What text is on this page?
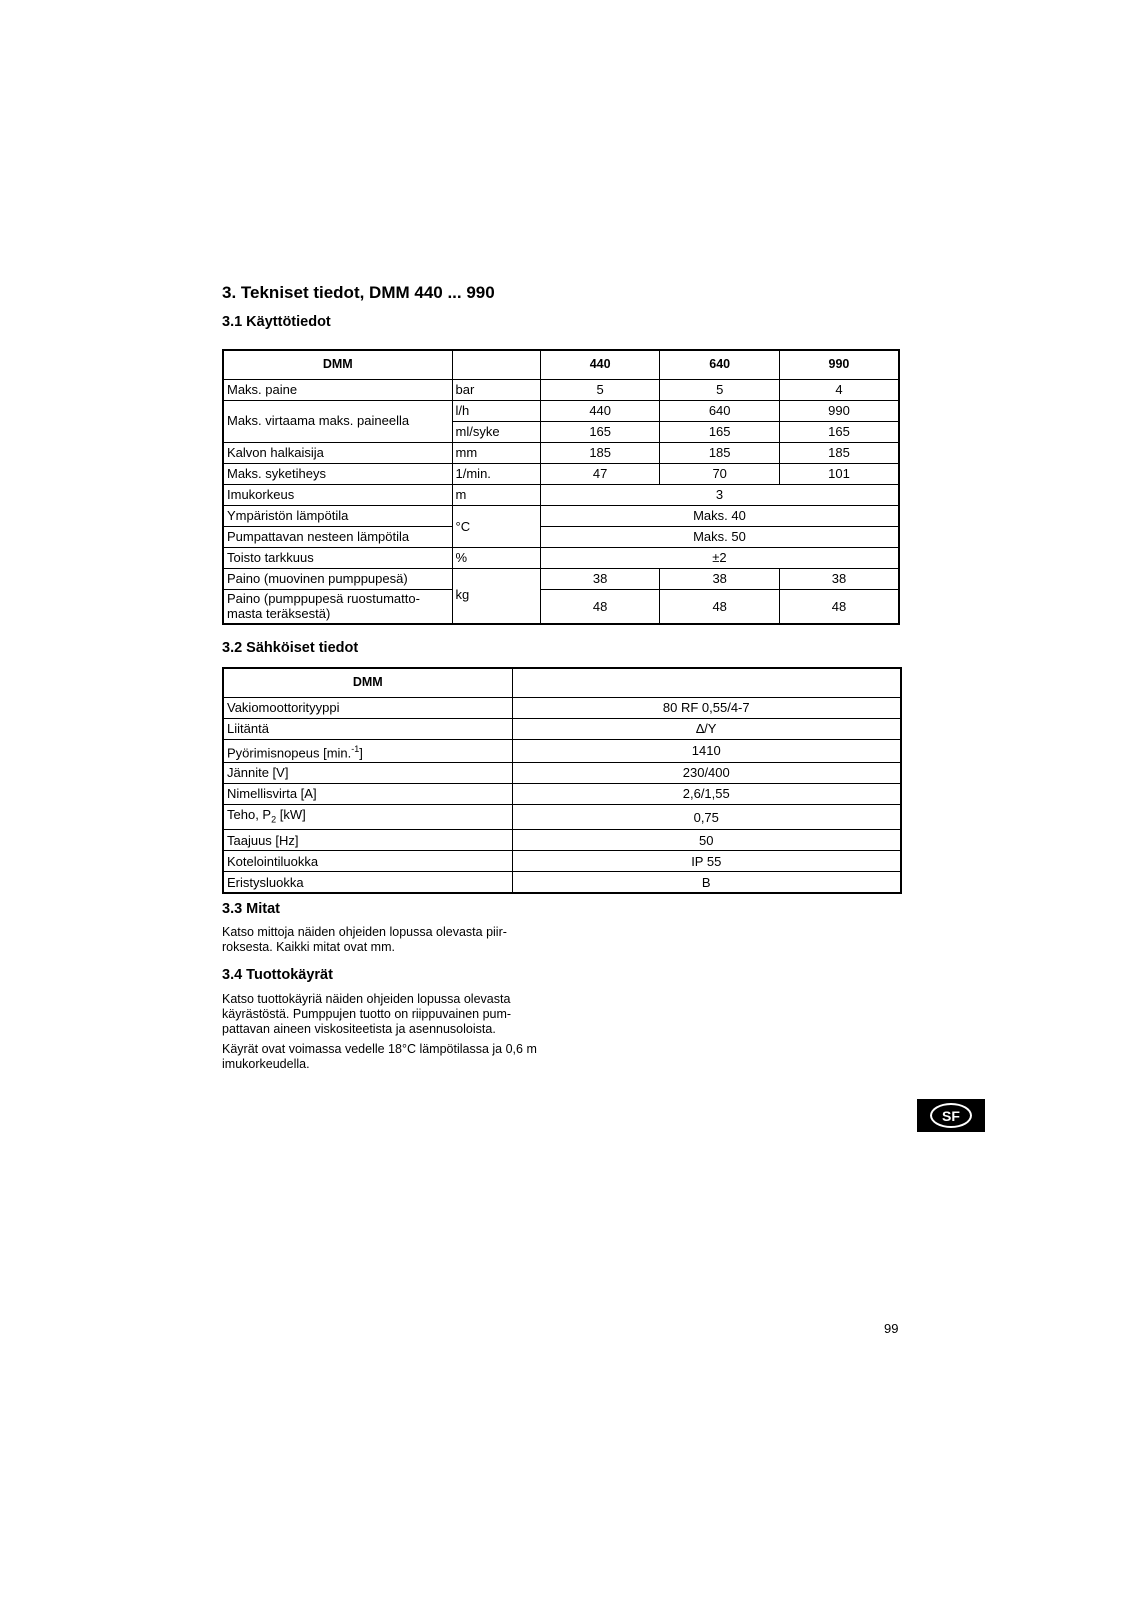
3. Tekniset tiedot, DMM 440 ... 990
3.1 Käyttötiedot
DMM		440	640	990
Maks. paine	bar	5	5	4
Maks. virtaama maks. paineella	l/h	440	640	990
	ml/syke	165	165	165
Kalvon halkaisija	mm	185	185	185
Maks. syketiheys	1/min.	47	70	101
Imukorkeus	m	3		
Ympäristön lämpötila	°C	Maks. 40		
Pumpattavan nesteen lämpötila		Maks. 50		
Toisto tarkkuus	%	±2		
Paino (muovinen pumppupesä)	kg	38	38	38
Paino (pumppupesä ruostumatto-masta teräksestä)		48	48	48
3.2 Sähköiset tiedot
DMM	
Vakiomoottorityyppi	80 RF 0,55/4-7
Liitäntä	∆/Y
Pyörimisnopeus [min.$^{-1}$]	1410
Jännite [V]	230/400
Nimellisvirta [A]	2,6/1,55
Teho, $P_2$ [kW]	0,75
Taajuus [Hz]	50
Kotelointiluokka	IP 55
Eristysluokka	B
3.3 Mitat

Katso mittoja näiden ohjeiden lopussa olevasta piir-roksesta. Kaikki mitat ovat mm.

3.4 Tuottokäyrät

Katso tuottokäyriä näiden ohjeiden lopussa olevasta käyrästöstä. Pumppujen tuotto on riippuvainen pum-pattavan aineen viskositeetista ja asennusoloista.

Käyrät ovat voimassa vedelle 18°C lämpötilassa ja 0,6 m imukorkeudella.

SF
99
